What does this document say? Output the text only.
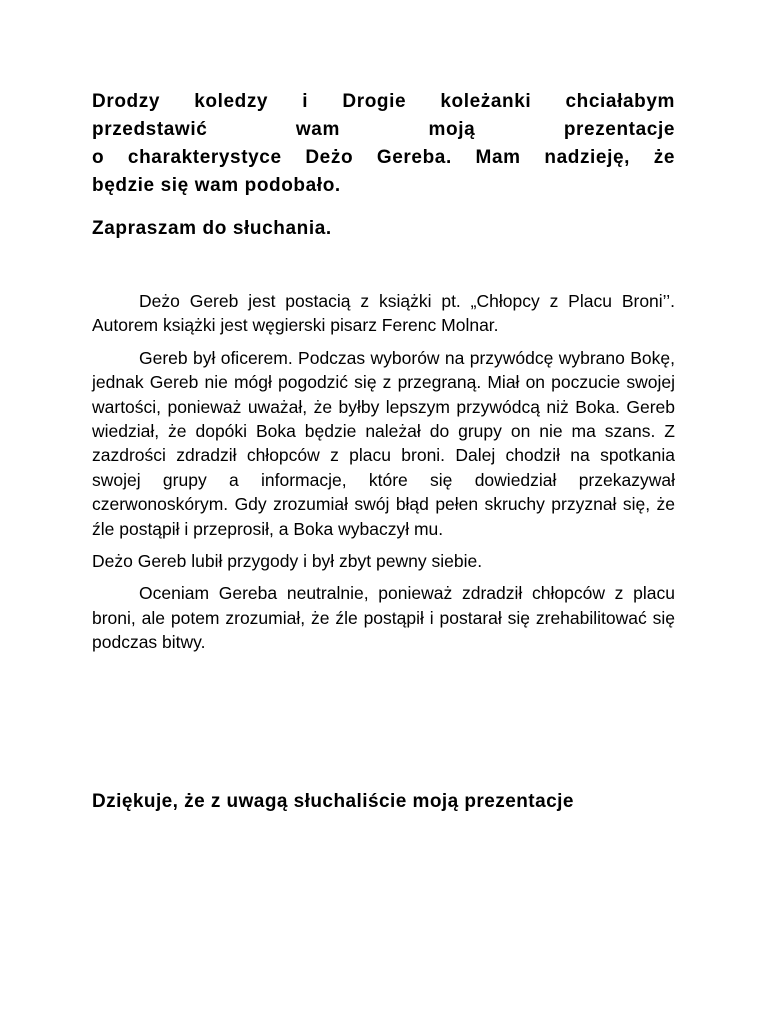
Drodzy koledzy i Drogie koleżanki chciałabym
przedstawić wam moją prezentacje
o charakterystyce Deżo Gereba. Mam nadzieję, że
będzie się wam podobało.
Zapraszam do słuchania.

Deżo Gereb jest postacią z książki pt. „Chłopcy z Placu Broni’’. Autorem książki jest węgierski pisarz Ferenc Molnar.

Gereb był oficerem. Podczas wyborów na przywódcę wybrano Bokę, jednak Gereb nie mógł pogodzić się z przegraną. Miał on poczucie swojej wartości, ponieważ uważał, że byłby lepszym przywódcą niż Boka. Gereb wiedział, że dopóki Boka będzie należał do grupy on nie ma szans. Z zazdrości zdradził chłopców z placu broni. Dalej chodził na spotkania swojej grupy a informacje, które się dowiedział przekazywał czerwonoskórym. Gdy zrozumiał swój błąd pełen skruchy przyznał się, że źle postąpił i przeprosił, a Boka wybaczył mu.

Deżo Gereb lubił przygody i był zbyt pewny siebie.

Oceniam Gereba neutralnie, ponieważ zdradził chłopców z placu broni, ale potem zrozumiał, że źle postąpił i postarał się zrehabilitować się podczas bitwy.

Dziękuje, że z uwagą słuchaliście moją prezentacje
